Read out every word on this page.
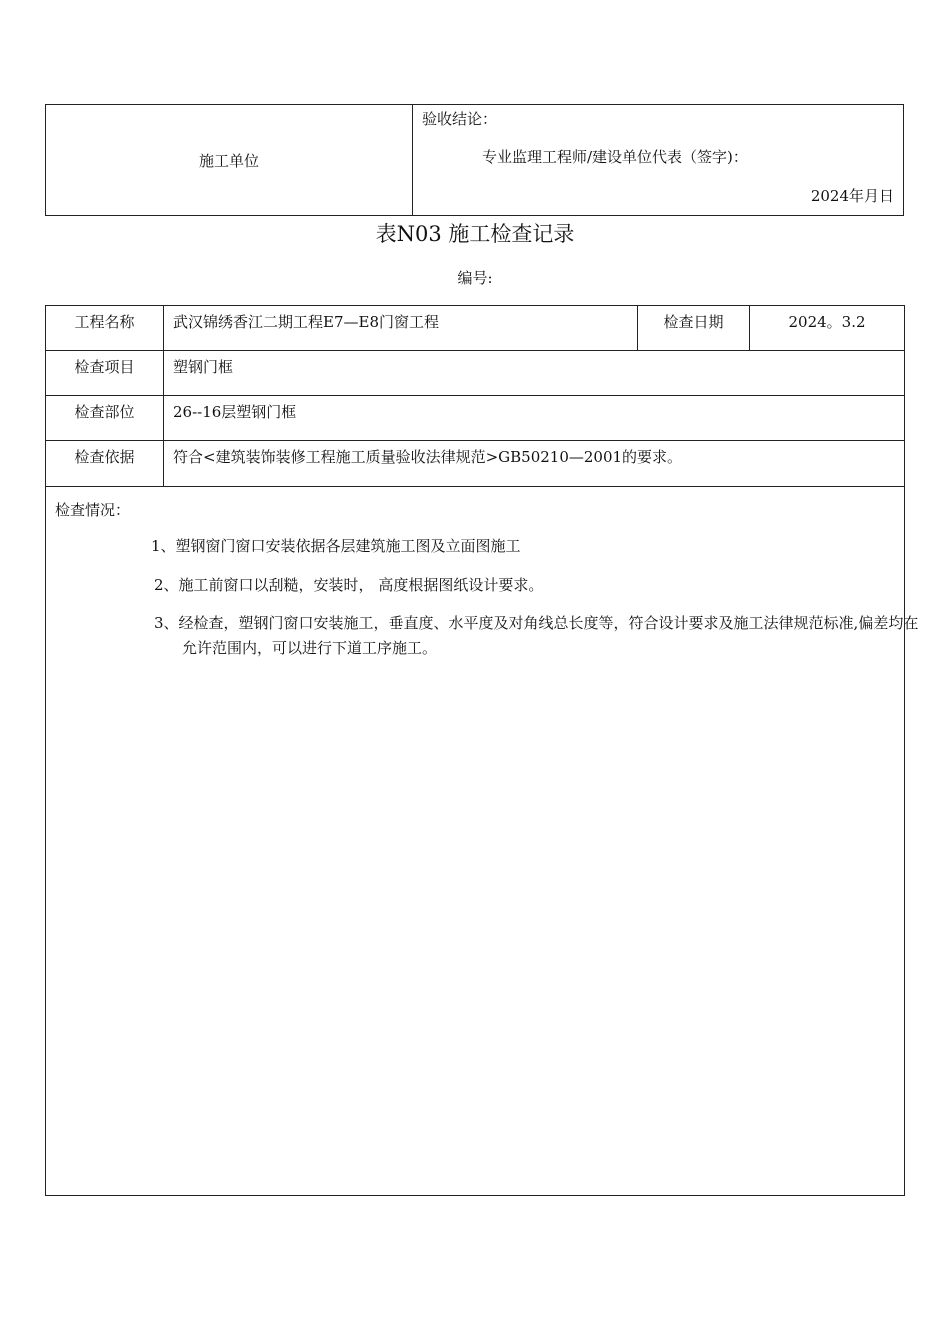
施工单位
验收结论：
专业监理工程师/建设单位代表（签字)：
2024年月日
表N03 施工检查记录
编号:
工程名称	武汉锦绣香江二期工程E7—E8门窗工程	检查日期	2024。3.2
检查项目	塑钢门框
检查部位	26--16层塑钢门框
检查依据	符合<建筑装饰装修工程施工质量验收法律规范>GB50210—2001的要求。
检查情况：
1、塑钢窗门窗口安装依据各层建筑施工图及立面图施工
2、施工前窗口以刮糙，安装时， 高度根据图纸设计要求。
3、经检查，塑钢门窗口安装施工，垂直度、水平度及对角线总长度等，符合设计要求及施工法律规范标准,偏差均在允许范围内，可以进行下道工序施工。
